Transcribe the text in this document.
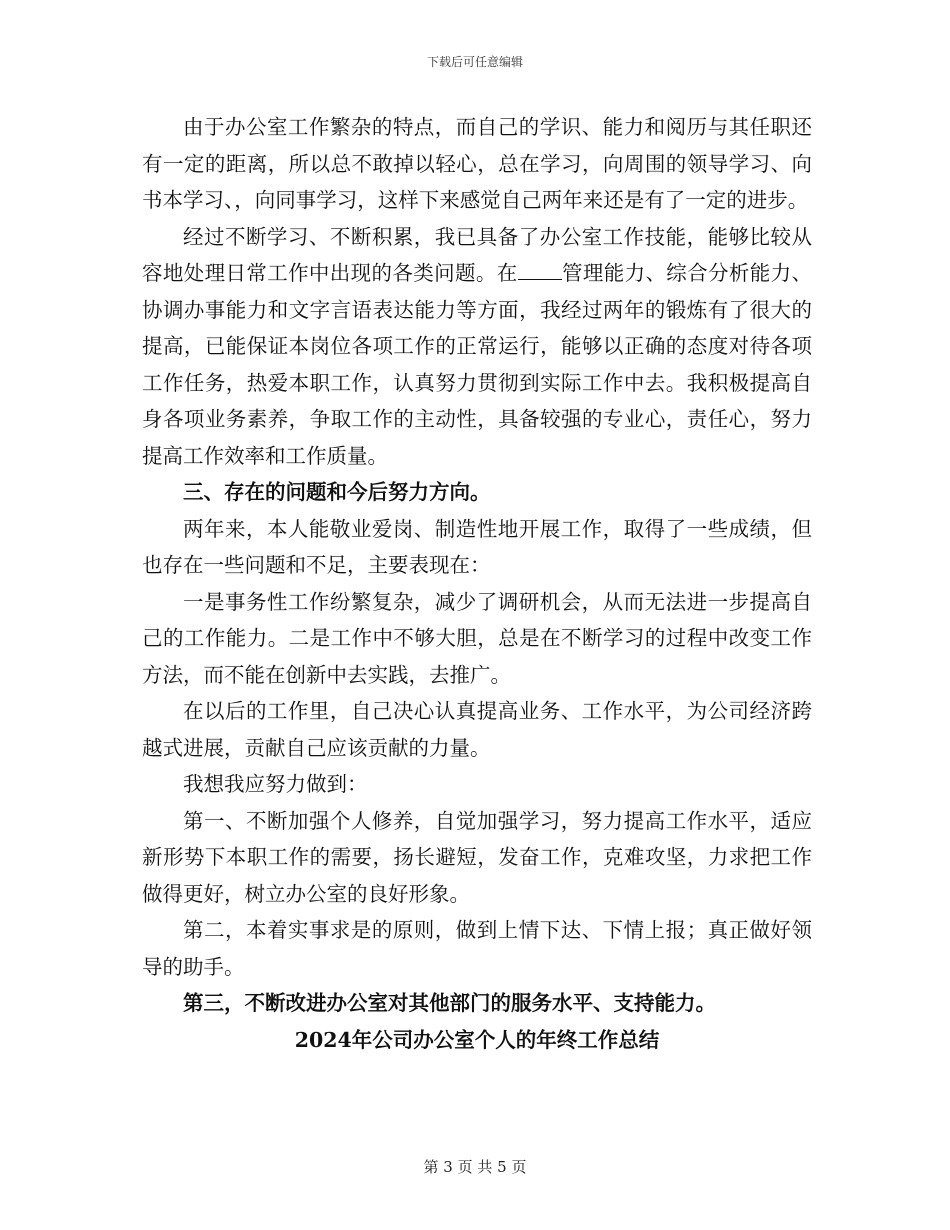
下载后可任意编辑

由于办公室工作繁杂的特点，而自己的学识、能力和阅历与其任职还有一定的距离，所以总不敢掉以轻心，总在学习，向周围的领导学习、向书本学习、，向同事学习，这样下来感觉自己两年来还是有了一定的进步。

经过不断学习、不断积累，我已具备了办公室工作技能，能够比较从容地处理日常工作中出现的各类问题。在 管理能力、综合分析能力、协调办事能力和文字言语表达能力等方面，我经过两年的锻炼有了很大的提高，已能保证本岗位各项工作的正常运行，能够以正确的态度对待各项工作任务，热爱本职工作，认真努力贯彻到实际工作中去。我积极提高自身各项业务素养，争取工作的主动性，具备较强的专业心，责任心，努力提高工作效率和工作质量。

三、存在的问题和今后努力方向。

两年来，本人能敬业爱岗、制造性地开展工作，取得了一些成绩，但也存在一些问题和不足，主要表现在：

一是事务性工作纷繁复杂，减少了调研机会，从而无法进一步提高自己的工作能力。二是工作中不够大胆，总是在不断学习的过程中改变工作方法，而不能在创新中去实践，去推广。

在以后的工作里，自己决心认真提高业务、工作水平，为公司经济跨越式进展，贡献自己应该贡献的力量。

我想我应努力做到：

第一、不断加强个人修养，自觉加强学习，努力提高工作水平，适应新形势下本职工作的需要，扬长避短，发奋工作，克难攻坚，力求把工作做得更好，树立办公室的良好形象。

第二，本着实事求是的原则，做到上情下达、下情上报；真正做好领导的助手。

第三，不断改进办公室对其他部门的服务水平、支持能力。

2024年公司办公室个人的年终工作总结

第 3 页 共 5 页
